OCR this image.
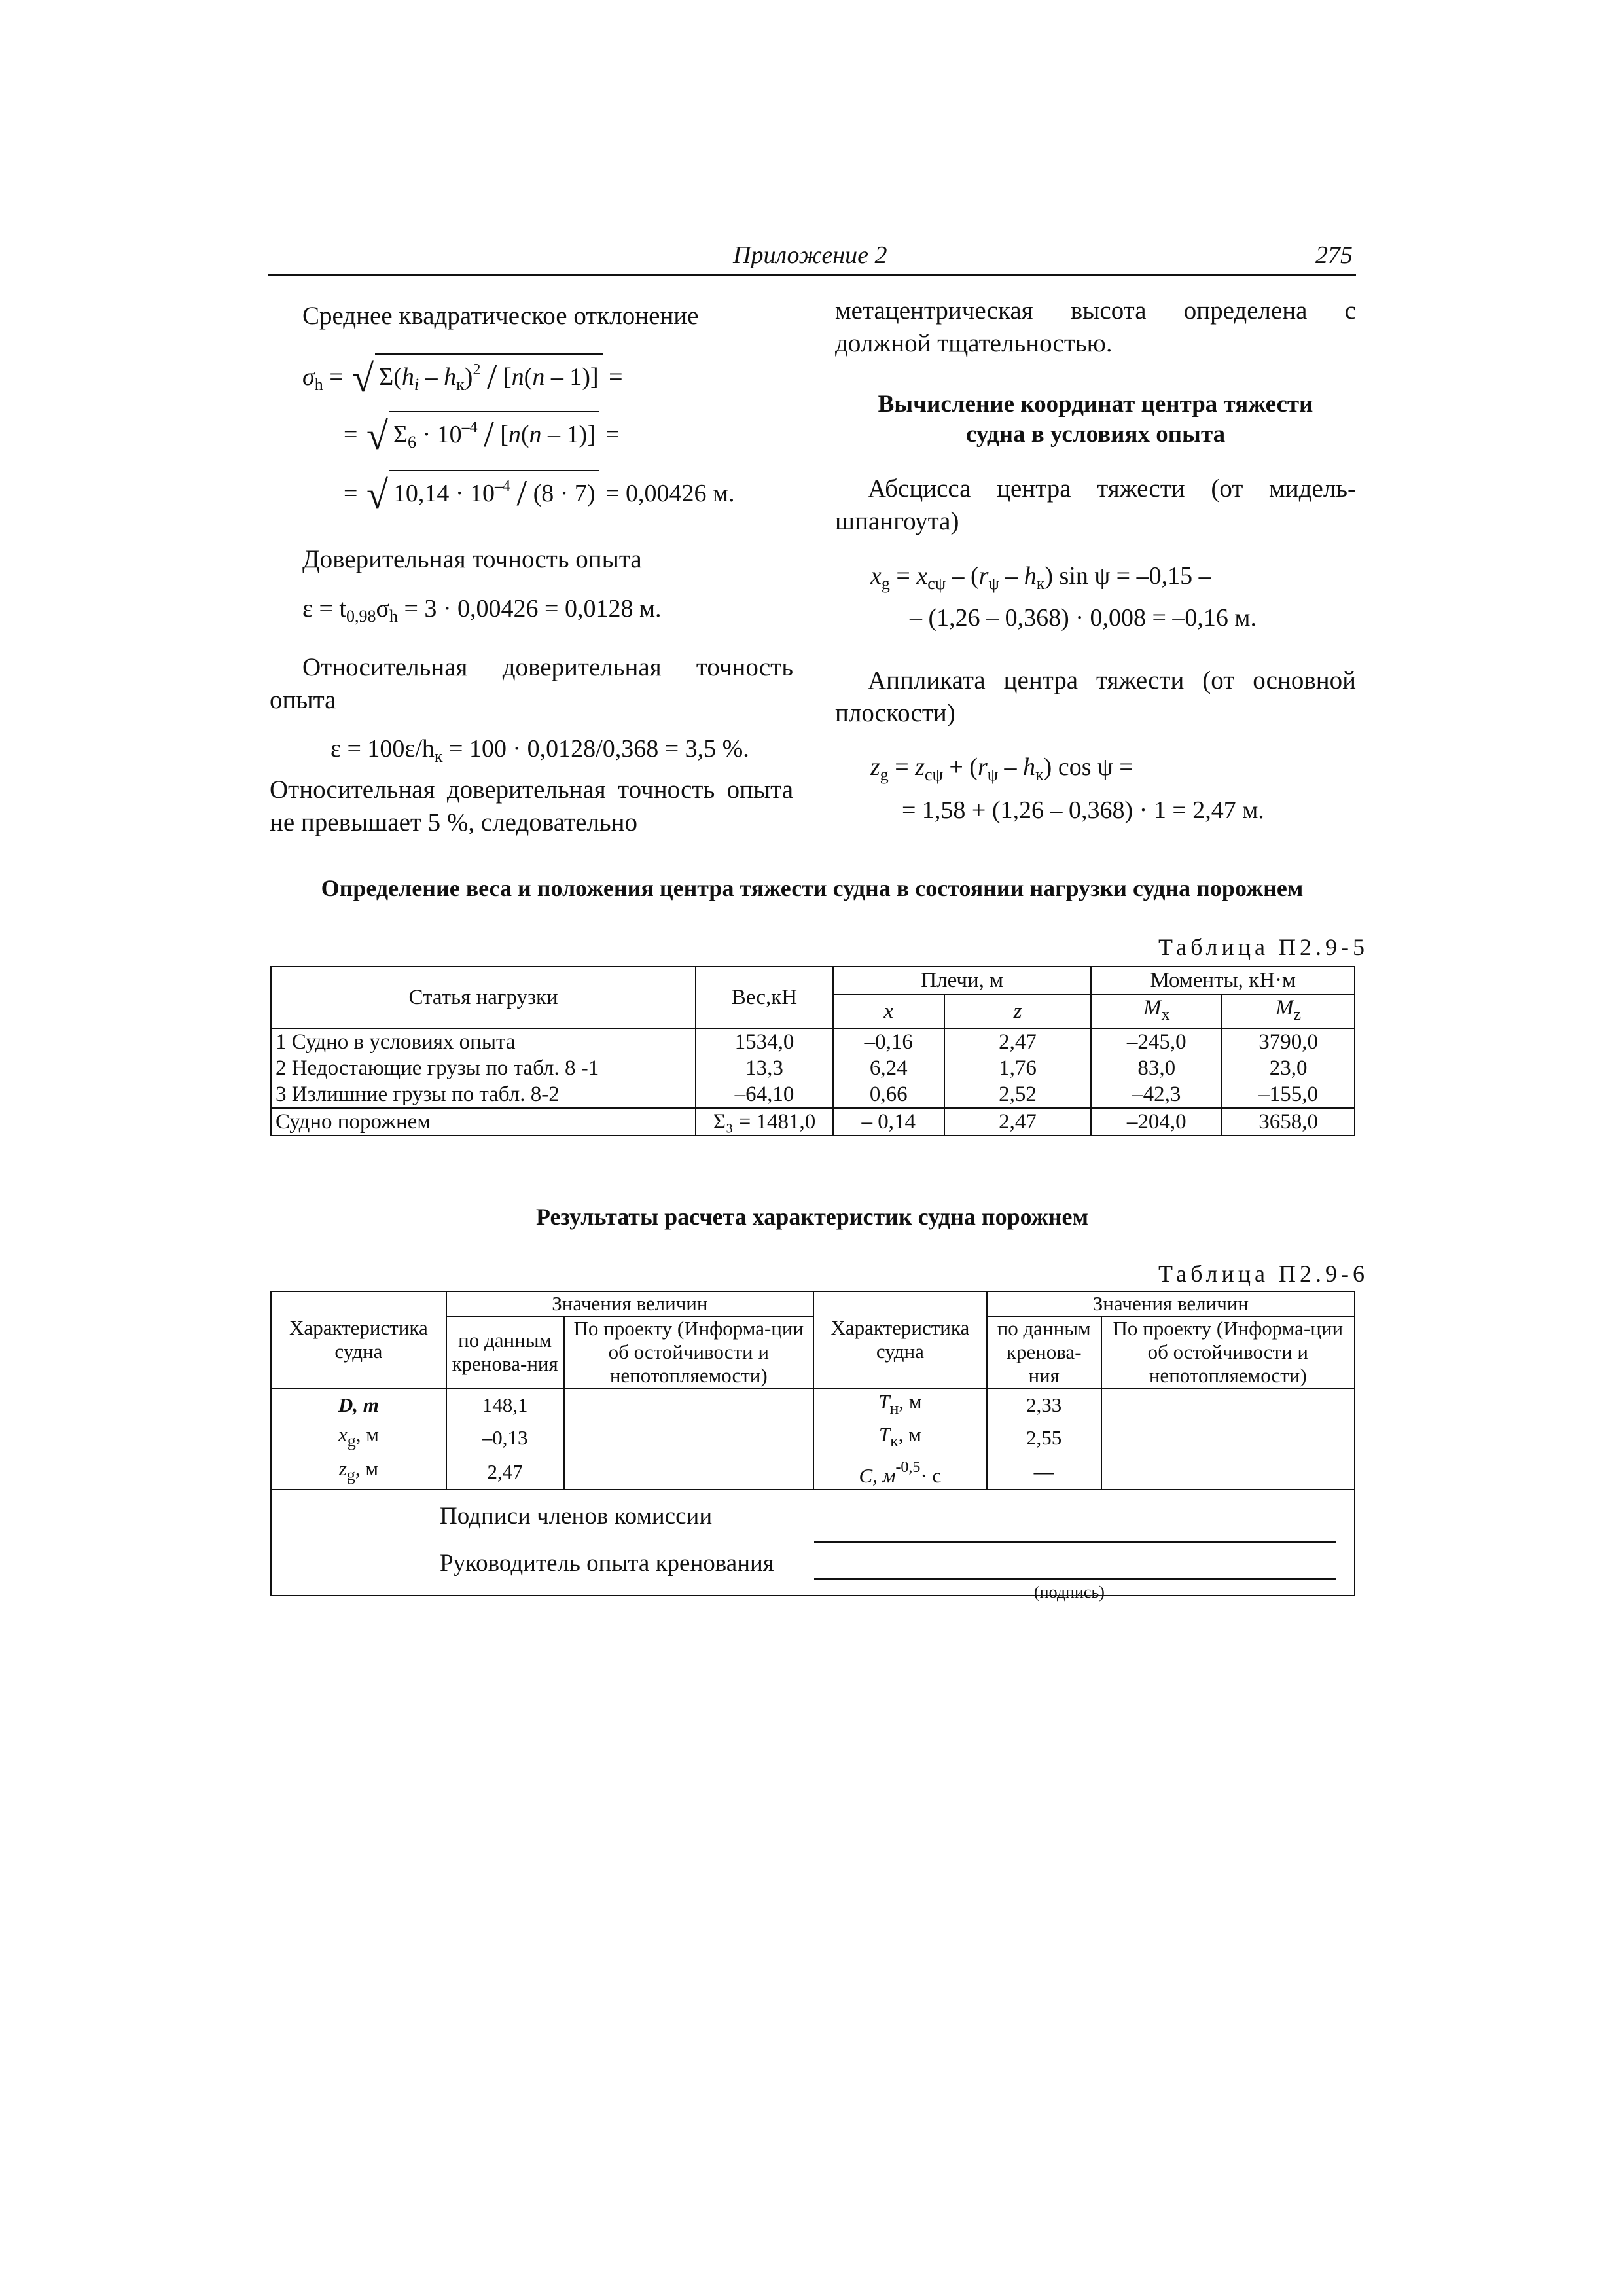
Приложение 2	275
Среднее квадратическое отклонение
$\sigma_h$ = √ $\Sigma(h_i - h_к)^2 / [n(n - 1)]$ =
= √ $\Sigma_6 \cdot 10^{-4} / [n(n - 1)]$ =
= √ $10,14 \cdot 10^{-4} / (8 \cdot 7) = 0,00426$ м.
Доверительная точность опыта
$\varepsilon = t_{0,98}\sigma_h = 3 \cdot 0,00426 = 0,0128$ м.
Относительная доверительная точность опыта
$\varepsilon = 100\varepsilon/h_к = 100 \cdot 0,0128/0,368 = 3,5$ %.
Относительная доверительная точность опыта не превышает 5 %, следовательно
метацентрическая высота определена с должной тщательностью.
Вычисление координат центра тяжести
судна в условиях опыта
Абсцисса центра тяжести (от мидель-шпангоута)
$x_g = x_{с\psi} - (r_\psi - h_к)$ sin ψ = –0,15 –
– (1,26 – 0,368) · 0,008 = –0,16 м.
Аппликата центра тяжести (от основной плоскости)
$z_g = z_{с\psi} + (r_\psi - h_к)$ cos ψ =
= 1,58 + (1,26 – 0,368) · 1 = 2,47 м.
Определение веса и положения центра тяжести судна в состоянии нагрузки судна порожнем
Таблица П2.9-5
Статья нагрузки	Вес,кН	Плечи, м		Моменты, кН·м	
		x	z	$M_x$	$M_z$
1 Судно в условиях опыта	1534,0	–0,16	2,47	–245,0	3790,0
2 Недостающие грузы по табл. 8 -1	13,3	6,24	1,76	83,0	23,0
3 Излишние грузы по табл. 8-2	–64,10	0,66	2,52	–42,3	–155,0
Судно порожнем	Σ₃ = 1481,0	– 0,14	2,47	–204,0	3658,0
Результаты расчета характеристик судна порожнем
Таблица П2.9-6
Характеристика судна	Значения величин		Характеристика судна	Значения величин	
	по данным кренова-ния	По проекту (Информа-ции об остойчивости и непотопляемости)		по данным кренова-ния	По проекту (Информа-ции об остойчивости и непотопляемости)
D, т	148,1		$T_н$, м	2,33	
$x_g$, м	–0,13		$T_к$, м	2,55	
$z_g$, м	2,47		C, $м^{-0,5}\cdot с$	—	

Подписи членов комиссии
Руководитель опыта кренования
(подпись)
